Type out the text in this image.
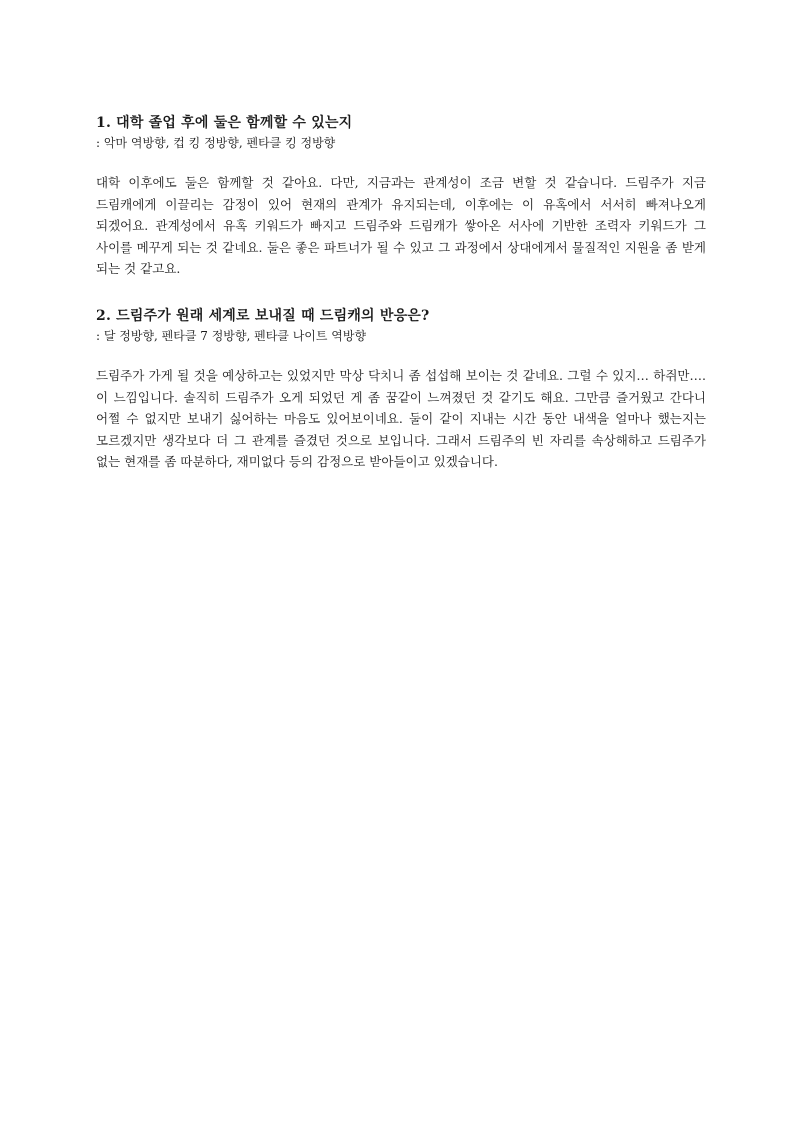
1. 대학 졸업 후에 둘은 함께할 수 있는지

: 악마 역방향, 컵 킹 정방향, 펜타클 킹 정방향

대학 이후에도 둘은 함께할 것 같아요. 다만, 지금과는 관계성이 조금 변할 것 같습니다. 드림주가 지금 드림캐에게 이끌리는 감정이 있어 현재의 관계가 유지되는데, 이후에는 이 유혹에서 서서히 빠져나오게 되겠어요. 관계성에서 유혹 키워드가 빠지고 드림주와 드림캐가 쌓아온 서사에 기반한 조력자 키워드가 그 사이를 메꾸게 되는 것 같네요. 둘은 좋은 파트너가 될 수 있고 그 과정에서 상대에게서 물질적인 지원을 좀 받게 되는 것 같고요.

2. 드림주가 원래 세계로 보내질 때 드림캐의 반응은?

: 달 정방향, 펜타클 7 정방향, 펜타클 나이트 역방향

드림주가 가게 될 것을 예상하고는 있었지만 막상 닥치니 좀 섭섭해 보이는 것 같네요. 그럴 수 있지… 하쥐만…. 이 느낌입니다. 솔직히 드림주가 오게 되었던 게 좀 꿈같이 느껴졌던 것 같기도 해요. 그만큼 즐거웠고 간다니 어쩔 수 없지만 보내기 싫어하는 마음도 있어보이네요. 둘이 같이 지내는 시간 동안 내색을 얼마나 했는지는 모르겠지만 생각보다 더 그 관계를 즐겼던 것으로 보입니다. 그래서 드림주의 빈 자리를 속상해하고 드림주가 없는 현재를 좀 따분하다, 재미없다 등의 감정으로 받아들이고 있겠습니다.
